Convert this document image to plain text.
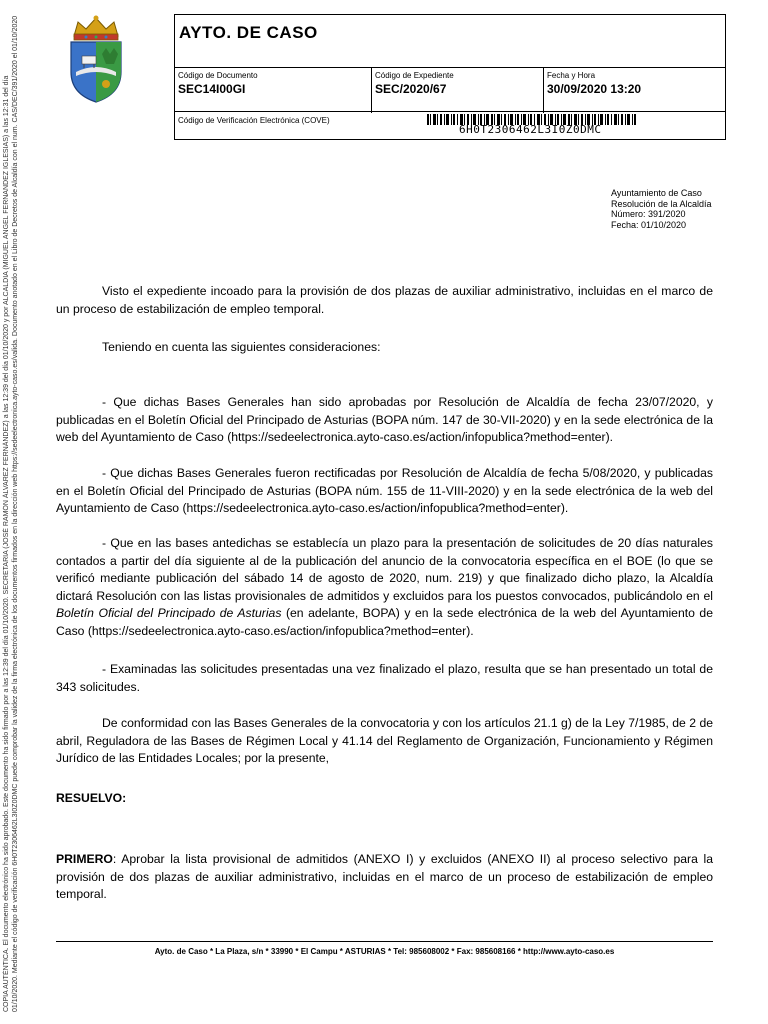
COPIA AUTÉNTICA. El documento electrónico ha sido aprobado. Este documento ha sido firmado por a las 12:39 del día 01/10/2020. SECRETARIA (JOSÉ RAMÓN ÁLVAREZ FERNÁNDEZ) a las 12:39 del día 01/10/2020 y por ALCALDIA (MIGUEL ANGEL FERNANDEZ IGLESIAS) a las 12:31 del día 01/10/2020. Mediante el código de verificación 6H0T2306462L3I0Z0DMC puede comprobar la validez de la firma electrónica de los documentos firmados en la dirección web https://sedeelectronica.ayto-caso.es/valida. Documento anotado en el Libro de Decretos de Alcaldía con el num. CAS/DEC/391/2020 el 01/10/2020	AYTO. DE CASO
Código de Documento
SEC14I00GI
Código de Expediente
SEC/2020/67
Fecha y Hora
30/09/2020 13:20
Código de Verificación Electrónica (COVE)
6H0T2306462L3I0Z0DMC
Ayuntamiento de Caso
Resolución de la Alcaldía
Número: 391/2020
Fecha: 01/10/2020

Visto el expediente incoado para la provisión de dos plazas de auxiliar administrativo, incluidas en el marco de un proceso de estabilización de empleo temporal.

Teniendo en cuenta las siguientes consideraciones:

- Que dichas Bases Generales han sido aprobadas por Resolución de Alcaldía de fecha 23/07/2020, y publicadas en el Boletín Oficial del Principado de Asturias (BOPA núm. 147 de 30-VII-2020) y en la sede electrónica de la web del Ayuntamiento de Caso (https://sedeelectronica.ayto-caso.es/action/infopublica?method=enter).

- Que dichas Bases Generales fueron rectificadas por Resolución de Alcaldía de fecha 5/08/2020, y publicadas en el Boletín Oficial del Principado de Asturias (BOPA núm. 155 de 11-VIII-2020) y en la sede electrónica de la web del Ayuntamiento de Caso (https://sedeelectronica.ayto-caso.es/action/infopublica?method=enter).

- Que en las bases antedichas se establecía un plazo para la presentación de solicitudes de 20 días naturales contados a partir del día siguiente al de la publicación del anuncio de la convocatoria específica en el BOE (lo que se verificó mediante publicación del sábado 14 de agosto de 2020, num. 219) y que finalizado dicho plazo, la Alcaldía dictará Resolución con las listas provisionales de admitidos y excluidos para los puestos convocados, publicándolo en el Boletín Oficial del Principado de Asturias (en adelante, BOPA) y en la sede electrónica de la web del Ayuntamiento de Caso (https://sedeelectronica.ayto-caso.es/action/infopublica?method=enter).

- Examinadas las solicitudes presentadas una vez finalizado el plazo, resulta que se han presentado un total de 343 solicitudes.

De conformidad con las Bases Generales de la convocatoria y con los artículos 21.1 g) de la Ley 7/1985, de 2 de abril, Reguladora de las Bases de Régimen Local y 41.14 del Reglamento de Organización, Funcionamiento y Régimen Jurídico de las Entidades Locales; por la presente,

RESUELVO:

PRIMERO: Aprobar la lista provisional de admitidos (ANEXO I) y excluidos (ANEXO II) al proceso selectivo para la provisión de dos plazas de auxiliar administrativo, incluidas en el marco de un proceso de estabilización de empleo temporal.

Ayto. de Caso * La Plaza, s/n * 33990 * El Campu * ASTURIAS * Tel: 985608002 * Fax: 985608166 * http://www.ayto-caso.es
